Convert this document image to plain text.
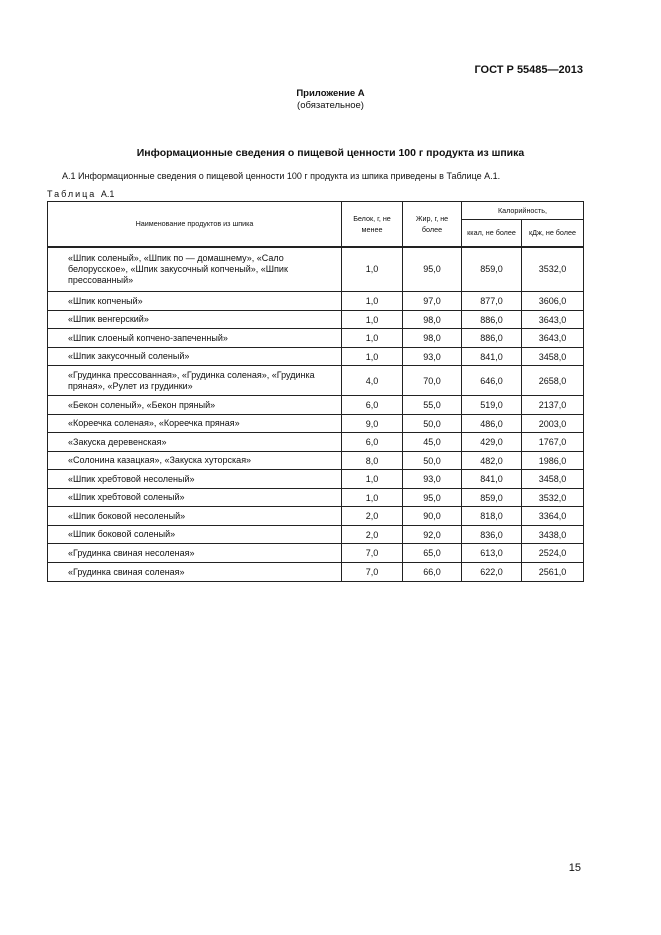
ГОСТ Р 55485—2013
Приложение А
(обязательное)
Информационные сведения о пищевой ценности 100 г продукта из шпика
А.1 Информационные сведения о пищевой ценности 100 г продукта из шпика приведены в Таблице А.1.
Таблица А.1
Наименование продуктов из шпика	Белок, г, не менее	Жир, г, не более	Калорийность,	
			ккал, не более	кДж, не более
«Шпик соленый», «Шпик по — домашнему», «Сало белорусское», «Шпик закусочный копченый», «Шпик прессованный»	1,0	95,0	859,0	3532,0
«Шпик копченый»	1,0	97,0	877,0	3606,0
«Шпик венгерский»	1,0	98,0	886,0	3643,0
«Шпик слоеный копчено-запеченный»	1,0	98,0	886,0	3643,0
«Шпик закусочный соленый»	1,0	93,0	841,0	3458,0
«Грудинка прессованная», «Грудинка соленая», «Грудинка пряная», «Рулет из грудинки»	4,0	70,0	646,0	2658,0
«Бекон соленый», «Бекон пряный»	6,0	55,0	519,0	2137,0
«Кореечка соленая», «Кореечка пряная»	9,0	50,0	486,0	2003,0
«Закуска деревенская»	6,0	45,0	429,0	1767,0
«Солонина казацкая», «Закуска хуторская»	8,0	50,0	482,0	1986,0
«Шпик хребтовой несоленый»	1,0	93,0	841,0	3458,0
«Шпик хребтовой соленый»	1,0	95,0	859,0	3532,0
«Шпик боковой несоленый»	2,0	90,0	818,0	3364,0
«Шпик боковой соленый»	2,0	92,0	836,0	3438,0
«Грудинка свиная несоленая»	7,0	65,0	613,0	2524,0
«Грудинка свиная соленая»	7,0	66,0	622,0	2561,0
15
